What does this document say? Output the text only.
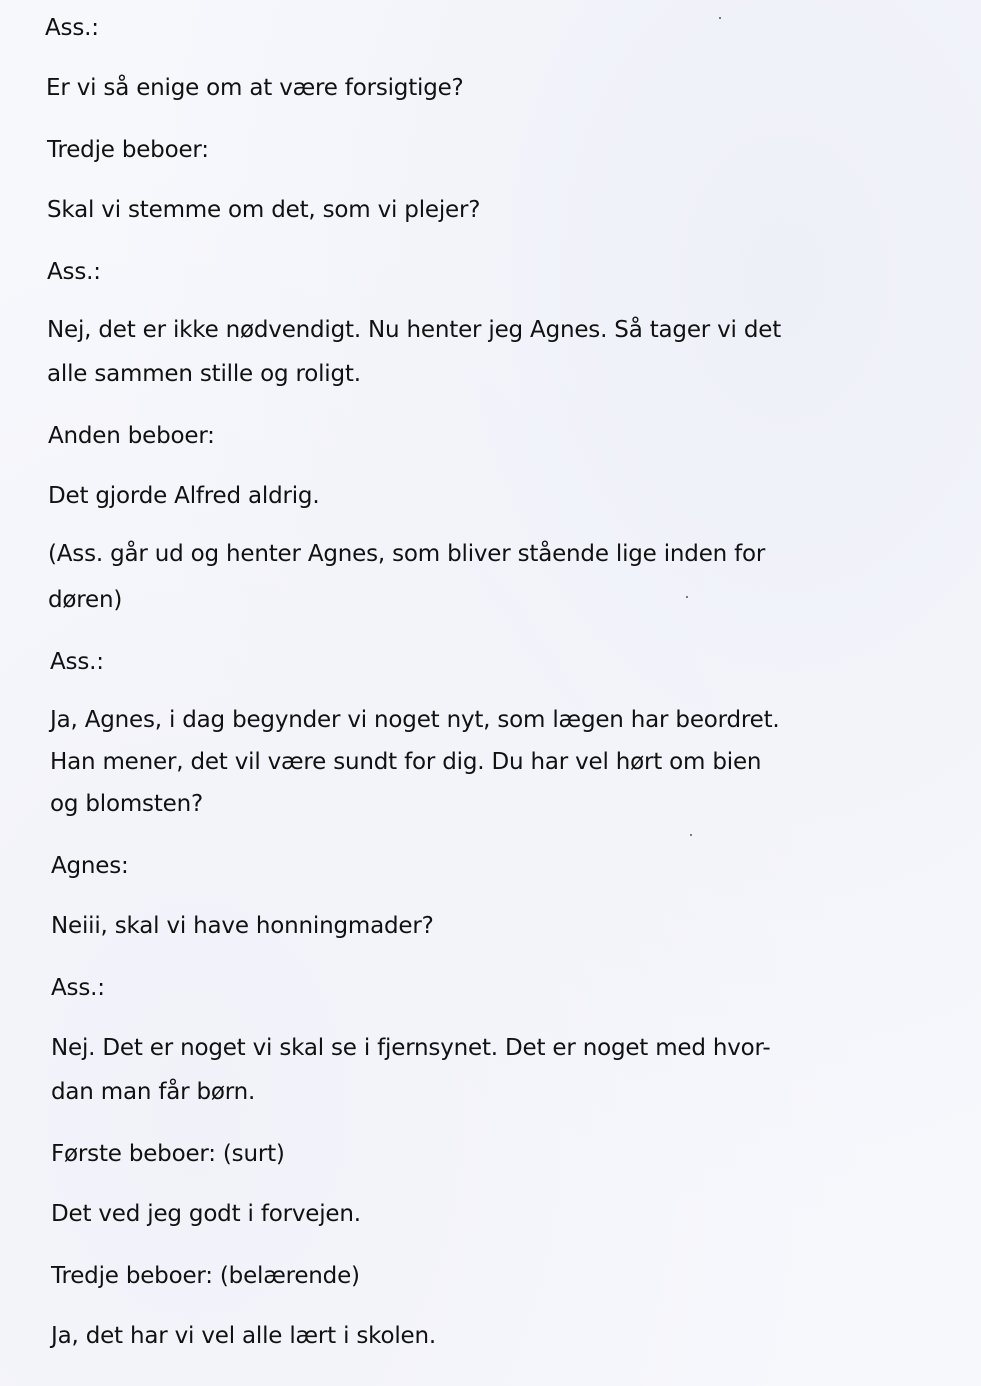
Ass.:
Er vi så enige om at være forsigtige?
Tredje beboer:
Skal vi stemme om det, som vi plejer?
Ass.:
Nej, det er ikke nødvendigt. Nu henter jeg Agnes. Så tager vi det
alle sammen stille og roligt.
Anden beboer:
Det gjorde Alfred aldrig.
(Ass. går ud og henter Agnes, som bliver stående lige inden for
døren)
Ass.:
Ja, Agnes, i dag begynder vi noget nyt, som lægen har beordret.
Han mener, det vil være sundt for dig. Du har vel hørt om bien
og blomsten?
Agnes:
Neiii, skal vi have honningmader?
Ass.:
Nej. Det er noget vi skal se i fjernsynet. Det er noget med hvor-
dan man får børn.
Første beboer: (surt)
Det ved jeg godt i forvejen.
Tredje beboer: (belærende)
Ja, det har vi vel alle lært i skolen.
